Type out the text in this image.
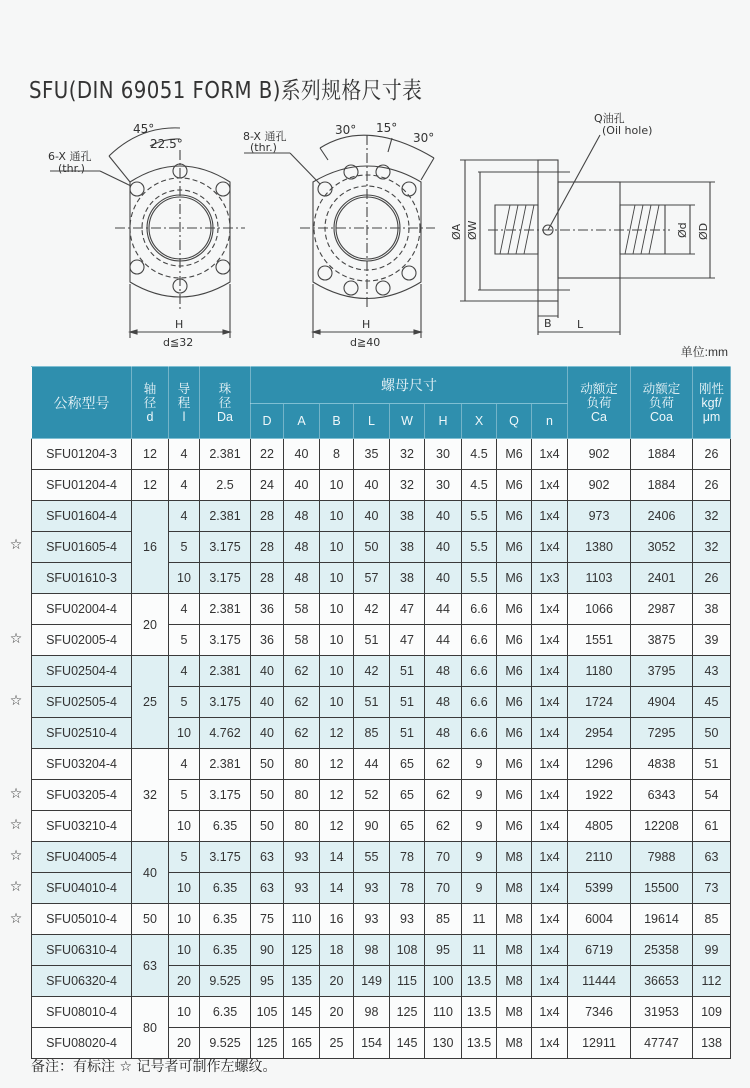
SFU(DIN 69051 FORM B)系列规格尺寸表
6-X 通孔
(thr.)
45°
22.5°
H
d≦32
8-X 通孔
(thr.)
30° 15°
30°
H
d≧40
Q油孔
(Oil hole)
ØA ØW	Ød ØD
B L
单位:mm
公称型号	轴
径
d	导
程
l	珠
径
Da	螺母尺寸									动额定
负荷
Ca	动额定
负荷
Coa	刚性
kgf/
μm
				D	A	B	L	W	H	X	Q	n			
SFU01204-3	12	4	2.381	22	40	8	35	32	30	4.5	M6	1x4	902	1884	26
SFU01204-4	12	4	2.5	24	40	10	40	32	30	4.5	M6	1x4	902	1884	26
SFU01604-4	16	4	2.381	28	48	10	40	38	40	5.5	M6	1x4	973	2406	32
SFU01605-4		5	3.175	28	48	10	50	38	40	5.5	M6	1x4	1380	3052	32
SFU01610-3		10	3.175	28	48	10	57	38	40	5.5	M6	1x3	1103	2401	26
SFU02004-4	20	4	2.381	36	58	10	42	47	44	6.6	M6	1x4	1066	2987	38
SFU02005-4		5	3.175	36	58	10	51	47	44	6.6	M6	1x4	1551	3875	39
SFU02504-4	25	4	2.381	40	62	10	42	51	48	6.6	M6	1x4	1180	3795	43
SFU02505-4		5	3.175	40	62	10	51	51	48	6.6	M6	1x4	1724	4904	45
SFU02510-4		10	4.762	40	62	12	85	51	48	6.6	M6	1x4	2954	7295	50
SFU03204-4	32	4	2.381	50	80	12	44	65	62	9	M6	1x4	1296	4838	51
SFU03205-4		5	3.175	50	80	12	52	65	62	9	M6	1x4	1922	6343	54
SFU03210-4		10	6.35	50	80	12	90	65	62	9	M6	1x4	4805	12208	61
SFU04005-4	40	5	3.175	63	93	14	55	78	70	9	M8	1x4	2110	7988	63
SFU04010-4		10	6.35	63	93	14	93	78	70	9	M8	1x4	5399	15500	73
SFU05010-4	50	10	6.35	75	110	16	93	93	85	11	M8	1x4	6004	19614	85
SFU06310-4	63	10	6.35	90	125	18	98	108	95	11	M8	1x4	6719	25358	99
SFU06320-4		20	9.525	95	135	20	149	115	100	13.5	M8	1x4	11444	36653	112
SFU08010-4	80	10	6.35	105	145	20	98	125	110	13.5	M8	1x4	7346	31953	109
SFU08020-4		20	9.525	125	165	25	154	145	130	13.5	M8	1x4	12911	47747	138
☆
☆
☆
☆
☆
☆
☆
☆
备注：有标注 ☆ 记号者可制作左螺纹。
